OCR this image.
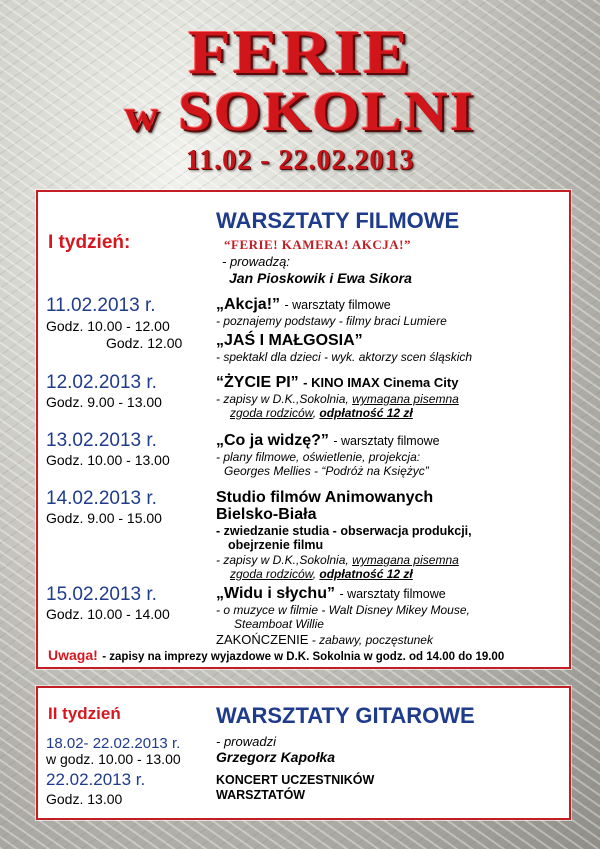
FERIE
w SOKOLNI
11.02 - 22.02.2013
WARSZTATY FILMOWE
I tydzień:	“FERIE! KAMERA! AKCJA!”
- prowadzą:
Jan Pioskowik i Ewa Sikora
11.02.2013 r.
Godz. 10.00 - 12.00
„Akcja!” - warsztaty filmowe
- poznajemy podstawy - filmy braci Lumiere
Godz. 12.00 „JAŚ I MAŁGOSIA”
- spektakl dla dzieci - wyk. aktorzy scen śląskich
12.02.2013 r.
Godz. 9.00 - 13.00
“ŻYCIE PI” - KINO IMAX Cinema City
- zapisy w D.K.,Sokolnia, wymagana pisemna
zgoda rodziców, odpłatność 12 zł
13.02.2013 r.
Godz. 10.00 - 13.00
„Co ja widzę?” - warsztaty filmowe
- plany filmowe, oświetlenie, projekcja:
Georges Mellies - “Podróż na Księżyc”
14.02.2013 r.
Godz. 9.00 - 15.00
Studio filmów Animowanych
Bielsko-Biała
- zwiedzanie studia - obserwacja produkcji,
obejrzenie filmu
- zapisy w D.K.,Sokolnia, wymagana pisemna
zgoda rodziców, odpłatność 12 zł
15.02.2013 r.
Godz. 10.00 - 14.00
„Widu i słychu” - warsztaty filmowe
- o muzyce w filmie - Walt Disney Mikey Mouse,
Steamboat Willie
ZAKOŃCZENIE - zabawy, poczęstunek
Uwaga! - zapisy na imprezy wyjazdowe w D.K. Sokolnia w godz. od 14.00 do 19.00
II tydzień	WARSZTATY GITAROWE
18.02- 22.02.2013 r.
w godz. 10.00 - 13.00
- prowadzi
Grzegorz Kapołka
22.02.2013 r.
Godz. 13.00
KONCERT UCZESTNIKÓW
WARSZTATÓW
